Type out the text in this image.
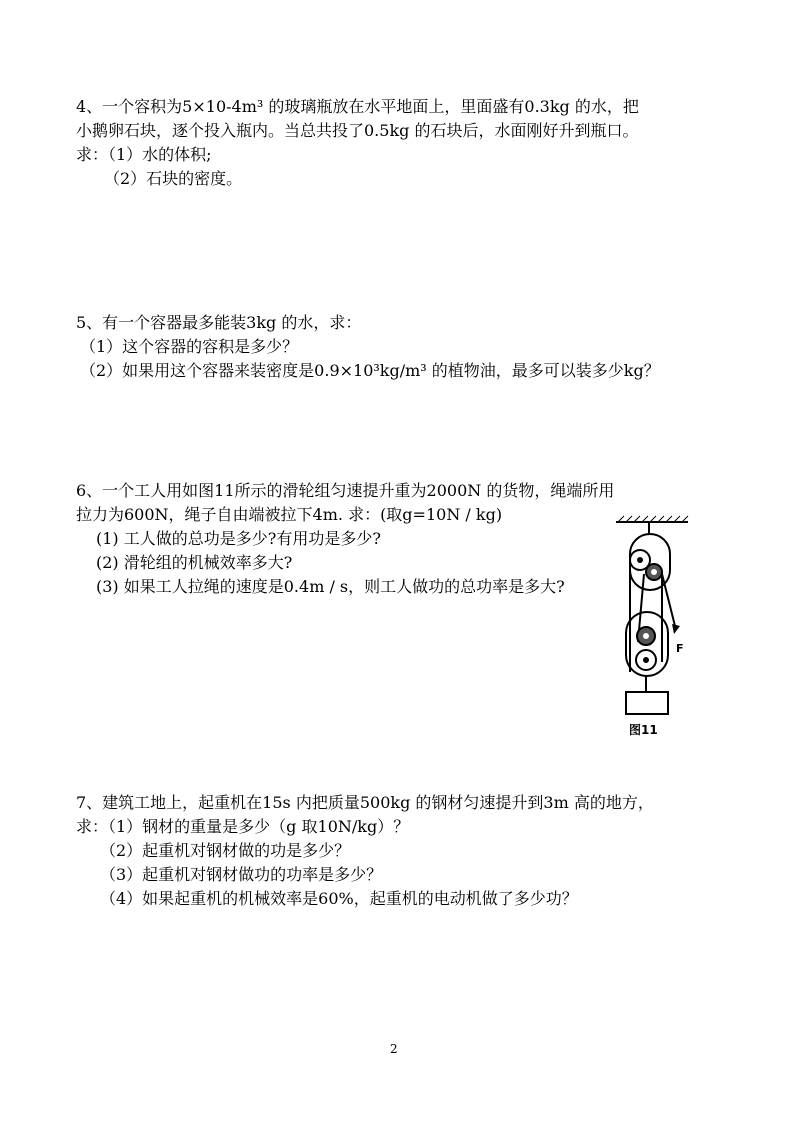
4、一个容积为5×10-4m³ 的玻璃瓶放在水平地面上，里面盛有0.3kg 的水，把
小鹅卵石块，逐个投入瓶内。当总共投了0.5kg 的石块后，水面刚好升到瓶口。
求：（1）水的体积;
（2）石块的密度。
5、有一个容器最多能装3kg 的水，求：
（1）这个容器的容积是多少？
（2）如果用这个容器来装密度是0.9×10³kg/m³ 的植物油，最多可以装多少kg？
6、一个工人用如图11所示的滑轮组匀速提升重为2000N 的货物，绳端所用
拉力为600N，绳子自由端被拉下4m. 求：(取g=10N / kg)
(1) 工人做的总功是多少?有用功是多少?
(2) 滑轮组的机械效率多大?
(3) 如果工人拉绳的速度是0.4m / s，则工人做功的总功率是多大?
F
图11
7、建筑工地上，起重机在15s 内把质量500kg 的钢材匀速提升到3m 高的地方，
求：（1）钢材的重量是多少（g 取10N/kg）？
（2）起重机对钢材做的功是多少？
（3）起重机对钢材做功的功率是多少？
（4）如果起重机的机械效率是60%，起重机的电动机做了多少功？
2
